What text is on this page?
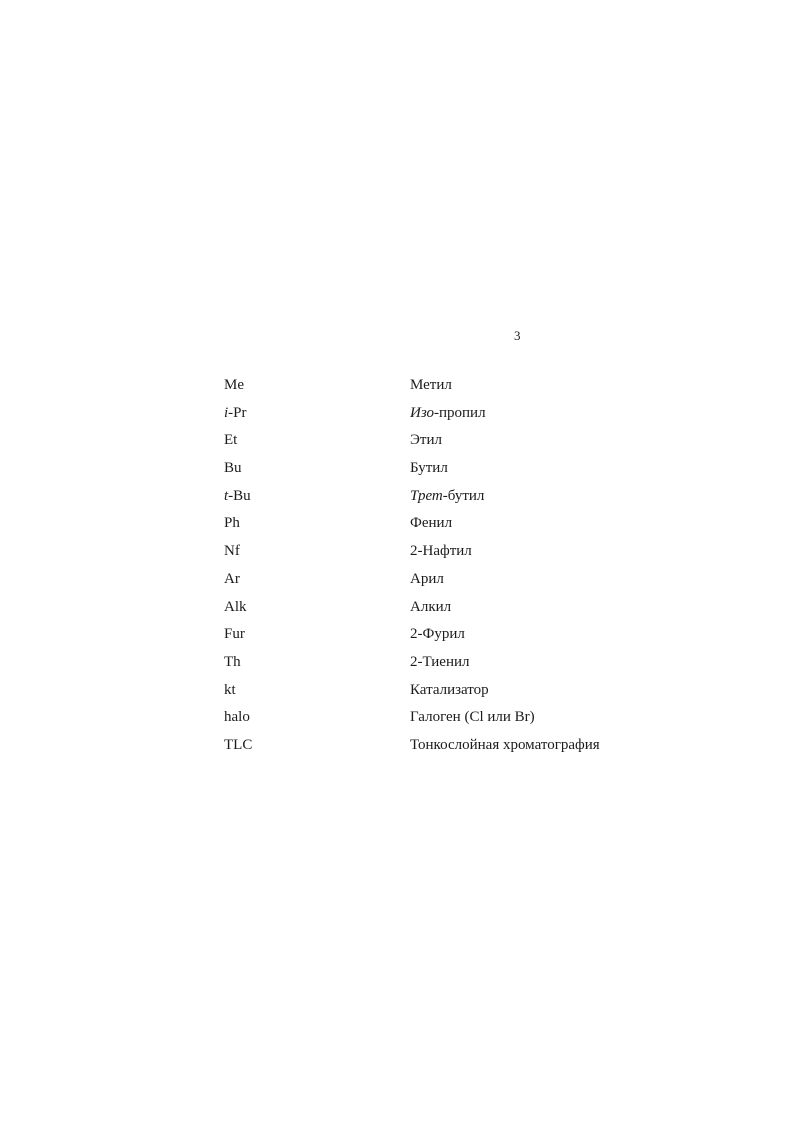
3
Me	Метил
i-Pr	Изо-пропил
Et	Этил
Bu	Бутил
t-Bu	Трет-бутил
Ph	Фенил
Nf	2-Нафтил
Ar	Арил
Alk	Алкил
Fur	2-Фурил
Th	2-Тиенил
kt	Катализатор
halo	Галоген (Cl или Br)
TLC	Тонкослойная хроматография
